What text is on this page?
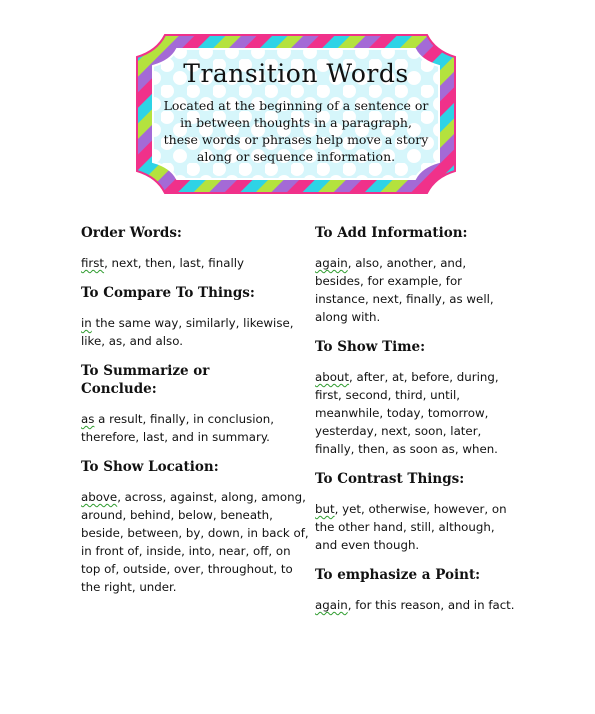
Transition Words
Located at the beginning of a sentence or in between thoughts in a paragraph, these words or phrases help move a story along or sequence information.
Order Words:
first, next, then, last, finally
To Compare To Things:
in the same way, similarly, likewise, like, as, and also.
To Summarize or Conclude:
as a result, finally, in conclusion, therefore, last, and in summary.
To Show Location:
above, across, against, along, among, around, behind, below, beneath, beside, between, by, down, in back of, in front of, inside, into, near, off, on top of, outside, over, throughout, to the right, under.
To Add Information:
again, also, another, and, besides, for example, for instance, next, finally, as well, along with.
To Show Time:
about, after, at, before, during, first, second, third, until, meanwhile, today, tomorrow, yesterday, next, soon, later, finally, then, as soon as, when.
To Contrast Things:
but, yet, otherwise, however, on the other hand, still, although, and even though.
To emphasize a Point:
again, for this reason, and in fact.
